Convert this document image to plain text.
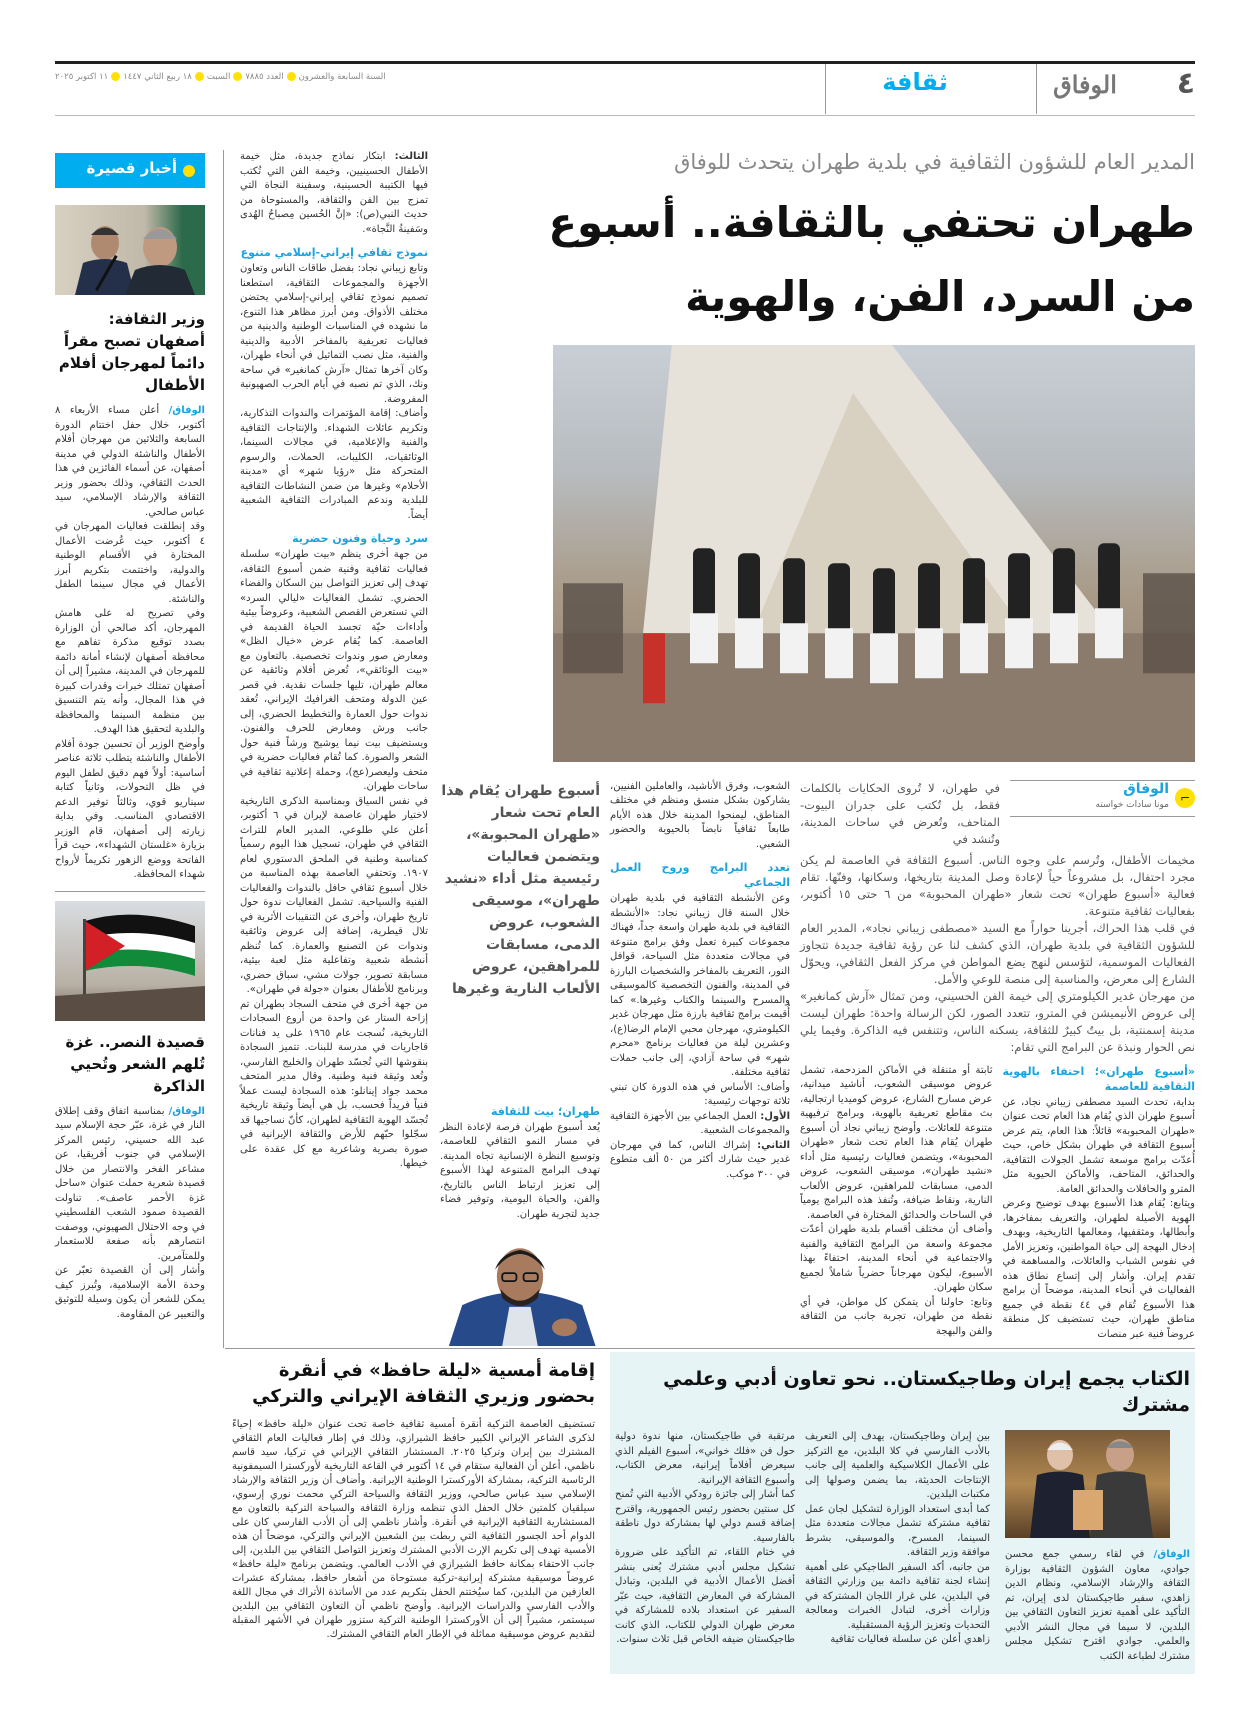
٤
الوفاق
ثقافة
السنة السابعة والعشرونالعدد ٧٨٨٥السبت١٨ ربيع الثاني ١٤٤٧١١ اكتوبر ٢٠٢٥
المدير العام للشؤون الثقافية في بلدية طهران يتحدث للوفاق
طهران تحتفي بالثقافة.. أسبوع
من السرد، الفن، والهوية
⌐
الوفاق
مونا سادات خواسته
في طهران، لا تُروى الحكايات بالكلمات فقط، بل تُكتب على جدران البيوت-المتاحف، وتُعرض في ساحات المدينة، وتُنشد في

مخيمات الأطفال، وتُرسم على وجوه الناس. أسبوع الثقافة في العاصمة لم يكن مجرد احتفال، بل مشروعاً حياً لإعادة وصل المدينة بتاريخها، وسكانها، وفنّها. تقام فعالية «أسبوع طهران» تحت شعار «طهران المحبوبة» من ٦ حتى ١٥ أكتوبر، بفعاليات ثقافية متنوعة.

في قلب هذا الحراك، أجرينا حواراً مع السيد «مصطفى زيباني نجاد»، المدير العام للشؤون الثقافية في بلدية طهران، الذي كشف لنا عن رؤية ثقافية جديدة تتجاوز الفعاليات الموسمية، لتؤسس لنهج يضع المواطن في مركز الفعل الثقافي، ويحوّل الشارع إلى معرض، والمناسبة إلى منصة للوعي والأمل.

من مهرجان غدير الكيلومتري إلى خيمة الفن الحسيني، ومن تمثال «آرش كمانغير» إلى عروض الأنيميشن في المترو، تتعدد الصور، لكن الرسالة واحدة: طهران ليست مدينة إسمنتية، بل بيتٌ كبيرٌ للثقافة، يسكنه الناس، وتتنفس فيه الذاكرة. وفيما يلي نص الحوار ونبذة عن البرامج التي تقام:

«أسبوع طهران»؛ احتفاء بالهوية الثقافية للعاصمة

بداية، تحدث السيد مصطفى زيباني نجاد، عن أسبوع طهران الذي يُقام هذا العام تحت عنوان «طهران المحبوبة» قائلاً: هذا العام، يتم عرض أسبوع الثقافة في طهران بشكل خاص، حيث أُعدّت برامج موسعة تشمل الجولات الثقافية، والحدائق، المتاحف، والأماكن الحيوية مثل المترو والحافلات والحدائق العامة.

ويتابع: يُقام هذا الأسبوع بهدف توضيح وعرض الهوية الأصيلة لطهران، والتعريف بمفاخرها، وأبطالها، ومثقفيها، ومعالمها التاريخية، وبهدف إدخال البهجة إلى حياة المواطنين، وتعزيز الأمل في نفوس الشباب والعائلات، والمساهمة في تقدم إيران. وأشار إلى إتساع نطاق هذه الفعاليات في أنحاء المدينة، موضحاً أن برامج هذا الأسبوع تُقام في ٤٤ نقطة في جميع مناطق طهران، حيث تستضيف كل منطقة عروضاً فنية عبر منصات

ثابتة أو متنقلة في الأماكن المزدحمة، تشمل عروض موسيقى الشعوب، أناشيد ميدانية، عرض مسارح الشارع، عروض كوميديا ارتجالية، بث مقاطع تعريفية بالهوية، وبرامج ترفيهية متنوعة للعائلات. وأوضح زيباني نجاد أن أسبوع طهران يُقام هذا العام تحت شعار «طهران المحبوبة»، ويتضمن فعاليات رئيسية مثل أداء «نشيد طهران»، موسيقى الشعوب، عروض الدمى، مسابقات للمراهقين، عروض الألعاب النارية، ونقاط ضيافة، وتُنفذ هذه البرامج يومياً في الساحات والحدائق المختارة في العاصمة.

وأضاف أن مختلف أقسام بلدية طهران أعدّت مجموعة واسعة من البرامج الثقافية والفنية والاجتماعية في أنحاء المدينة، احتفاءً بهذا الأسبوع، ليكون مهرجاناً حضرياً شاملاً لجميع سكان طهران.

وتابع: حاولنا أن يتمكن كل مواطن، في أي نقطة من طهران، تجربة جانب من الثقافة والفن والبهجة

الشعوب، وفرق الأناشيد، والعاملين الفنيين، يشاركون بشكل منسق ومنظم في مختلف المناطق، ليمنحوا المدينة خلال هذه الأيام طابعاً ثقافياً نابضاً بالحيوية والحضور الشعبي.

تعدد البرامج وروح العمل الجماعي

وعن الأنشطة الثقافية في بلدية طهران خلال السنة قال زيباني نجاد: «الأنشطة الثقافية في بلدية طهران واسعة جداً، فهناك مجموعات كبيرة تعمل وفق برامج متنوعة في مجالات متعددة مثل السياحة، قوافل النور، التعريف بالمفاخر والشخصيات البارزة في المدينة، والفنون التخصصية كالموسيقى والمسرح والسينما والكتاب وغيرها.» كما أُقيمت برامج ثقافية بارزة مثل مهرجان غدير الكيلومتري، مهرجان محبي الإمام الرضا(ع)، وعشرين ليلة من فعاليات برنامج «محرم شهر» في ساحة آزادي، إلى جانب حملات ثقافية مختلفة.

وأضاف: الأساس في هذه الدورة كان تبني ثلاثة توجهات رئيسية:

الأول: العمل الجماعي بين الأجهزة الثقافية والمجموعات الشعبية.

الثاني: إشراك الناس، كما في مهرجان غدير حيث شارك أكثر من ٥٠ ألف متطوع في ٣٠٠ موكب.

أسبوع طهران يُقام هذا العام تحت شعار «طهران المحبوبة»، ويتضمن فعاليات رئيسية مثل أداء «نشيد طهران»، موسيقى الشعوب، عروض الدمى، مسابقات للمراهقين، عروض الألعاب النارية وغيرها

الثالث: ابتكار نماذج جديدة، مثل خيمة الأطفال الحسينيين، وخيمة الفن التي تُكتب فيها الكتيبة الحسينية، وسفينة النجاة التي تمزج بين الفن والثقافة، والمستوحاة من حديث النبي(ص): «إنَّ الحُسين مِصباحُ الهُدى وسَفينةُ النَّجاة».

نموذج ثقافي إيراني-إسلامي متنوع

وتابع زيباني نجاد: بفضل طاقات الناس وتعاون الأجهزة والمجموعات الثقافية، استطعنا تصميم نموذج ثقافي إيراني-إسلامي يحتضن مختلف الأذواق. ومن أبرز مظاهر هذا التنوع، ما نشهده في المناسبات الوطنية والدينية من فعاليات تعريفية بالمفاخر الأدبية والدينية والفنية، مثل نصب التماثيل في أنحاء طهران، وكان آخرها تمثال «آرش كمانغير» في ساحة ونك، الذي تم نصبه في أيام الحرب الصهيونية المفروضة.

وأضاف: إقامة المؤتمرات والندوات التذكارية، وتكريم عائلات الشهداء. والإنتاجات الثقافية والفنية والإعلامية، في مجالات السينما، الوثائقيات، الكليبات، الحملات، والرسوم المتحركة مثل «رؤيا شهر» أي «مدينة الأحلام» وغيرها من ضمن النشاطات الثقافية للبلدية وندعم المبادرات الثقافية الشعبية أيضاً.

سرد وحياة وفنون حضرية

من جهة أخرى ينظم «بيت طهران» سلسلة فعاليات ثقافية وفنية ضمن أسبوع الثقافة، تهدف إلى تعزيز التواصل بين السكان والفضاء الحضري. تشمل الفعاليات «ليالي السرد» التي تستعرض القصص الشعبية، وعروضاً بيئية وأداءات حيّة تجسد الحياة القديمة في العاصمة. كما يُقام عرض «خيال الظل» ومعارض صور وندوات تخصصية. بالتعاون مع «بيت الوثائقي»، تُعرض أفلام وثائقية عن معالم طهران، تليها جلسات نقدية. في قصر عين الدولة ومتحف الغرافيك الإيراني، تُعقد ندوات حول العمارة والتخطيط الحضري، إلى جانب ورش ومعارض للحرف والفنون. ويستضيف بيت نيما يوشيج ورشاً فنية حول الشعر والصورة. كما تُقام فعاليات حضرية في متحف وليعصر(عج)، وحملة إعلانية ثقافية في ساحات طهران.

في نفس السياق وبمناسبة الذكرى التاريخية لاختيار طهران عاصمة لإيران في ٦ أكتوبر، أعلن علي طلوعي، المدير العام للتراث الثقافي في طهران، تسجيل هذا اليوم رسمياً كمناسبة وطنية في الملحق الدستوري لعام ١٩٠٧. وتحتفي العاصمة بهذه المناسبة من خلال أسبوع ثقافي حافل بالندوات والفعاليات الفنية والسياحية. تشمل الفعاليات ندوة حول تاريخ طهران، وأخرى عن التنقيبات الأثرية في تلال قيطرية، إضافة إلى عروض وثائقية وندوات عن التصنيع والعمارة. كما تُنظم أنشطة شعبية وتفاعلية مثل لعبة بيئية، مسابقة تصوير، جولات مشي، سباق حضري، وبرنامج للأطفال بعنوان «جولة في طهران».

من جهة أخرى في متحف السجاد بطهران تم إزاحة الستار عن واحدة من أروع السجادات التاريخية، نُسجت عام ١٩٦٥ على يد فنانات قاجاريات في مدرسة للبنات. تتميز السجادة بنقوشها التي تُجسّد طهران والخليج الفارسي، وتُعد وثيقة فنية وطنية. وقال مدير المتحف محمد جواد إينانلو: هذه السجادة ليست عملاً فنياً فريداً فحسب، بل هي أيضاً وثيقة تاريخية تُجسّد الهوية الثقافية لطهران، كأنّ نساجيها قد سجّلوا حبّهم للأرض والثقافة الإيرانية في صورة بصرية وشاعرية مع كل عقدة على خيطها.

طهران؛ بيت للثقافة

يُعد أسبوع طهران فرصة لإعادة النظر في مسار النمو الثقافي للعاصمة، وتوسيع النظرة الإنسانية تجاه المدينة. تهدف البرامج المتنوعة لهذا الأسبوع إلى تعزيز ارتباط الناس بالتاريخ، والفن، والحياة اليومية، وتوفير فضاء جديد لتجربة طهران.

أخبار قصيرة
وزير الثقافة: أصفهان تصبح مقراً دائماً لمهرجان أفلام الأطفال

الوفاق/ أعلن مساء الأربعاء ٨ أكتوبر، خلال حفل اختتام الدورة السابعة والثلاثين من مهرجان أفلام الأطفال والناشئة الدولي في مدينة أصفهان، عن أسماء الفائزين في هذا الحدث الثقافي، وذلك بحضور وزير الثقافة والإرشاد الإسلامي، سيد عباس صالحي.

وقد إنطلقت فعاليات المهرجان في ٤ أكتوبر، حيث عُرضت الأعمال المختارة في الأقسام الوطنية والدولية، واختتمت بتكريم أبرز الأعمال في مجال سينما الطفل والناشئة.

وفي تصريح له على هامش المهرجان، أكد صالحي أن الوزارة بصدد توقيع مذكرة تفاهم مع محافظة أصفهان لإنشاء أمانة دائمة للمهرجان في المدينة، مشيراً إلى أن أصفهان تمتلك خبرات وقدرات كبيرة في هذا المجال، وأنه يتم التنسيق بين منظمة السينما والمحافظة والبلدية لتحقيق هذا الهدف.

وأوضح الوزير أن تحسين جودة أفلام الأطفال والناشئة يتطلب ثلاثة عناصر أساسية: أولاً فهم دقيق لطفل اليوم في ظل التحولات، وثانياً كتابة سيناريو قوي، وثالثاً توفير الدعم الاقتصادي المناسب. وفي بداية زيارته إلى أصفهان، قام الوزير بزيارة «غلستان الشهداء»، حيث قرأ الفاتحة ووضع الزهور تكريماً لأرواح شهداء المحافظة.

قصيدة النصر.. غزة تُلهم الشعر وتُحيي الذاكرة

الوفاق/ بمناسبة اتفاق وقف إطلاق النار في غزة، عبّر حجة الإسلام سيد عبد الله حسيني، رئيس المركز الإسلامي في جنوب أفريقيا، عن مشاعر الفخر والانتصار من خلال قصيدة شعرية حملت عنوان «ساحل غزة الأحمر عاصف». تناولت القصيدة صمود الشعب الفلسطيني في وجه الاحتلال الصهيوني، ووصفت انتصارهم بأنه صفعة للاستعمار وللمتآمرين.

وأشار إلى أن القصيدة تعبّر عن وحدة الأمة الإسلامية، وتُبرز كيف يمكن للشعر أن يكون وسيلة للتوثيق والتعبير عن المقاومة.

الكتاب يجمع إيران وطاجيكستان.. نحو تعاون أدبي وعلمي مشترك

الوفاق/ في لقاء رسمي جمع محسن جوادي، معاون الشؤون الثقافية بوزارة الثقافة والإرشاد الإسلامي، ونظام الدين زاهدي، سفير طاجيكستان لدى إيران، تم التأكيد على أهمية تعزيز التعاون الثقافي بين البلدين، لا سيما في مجال النشر الأدبي والعلمي. جوادي اقترح تشكيل مجلس مشترك لطباعة الكتب

بين إيران وطاجيكستان، يهدف إلى التعريف بالأدب الفارسي في كلا البلدين، مع التركيز على الأعمال الكلاسيكية والعلمية إلى جانب الإنتاجات الحديثة، بما يضمن وصولها إلى مكتبات البلدين.

كما أبدى استعداد الوزارة لتشكيل لجان عمل ثقافية مشتركة تشمل مجالات متعددة مثل السينما، المسرح، والموسيقى، بشرط موافقة وزير الثقافة.

من جانبه، أكد السفير الطاجيكي على أهمية إنشاء لجنة ثقافية دائمة بين وزارتي الثقافة في البلدين، على غرار اللجان المشتركة في وزارات أخرى، لتبادل الخبرات ومعالجة التحديات وتعزيز الرؤية المستقبلية.

زاهدي أعلن عن سلسلة فعاليات ثقافية

مرتقبة في طاجيكستان، منها ندوة دولية حول فن «فلك خواني»، أسبوع الفيلم الذي سيعرض أفلاماً إيرانية، معرض الكتاب، وأسبوع الثقافة الإيرانية.

كما أشار إلى جائزة رودكي الأدبية التي تُمنح كل سنتين بحضور رئيس الجمهورية، واقترح إضافة قسم دولي لها بمشاركة دول ناطقة بالفارسية.

في ختام اللقاء، تم التأكيد على ضرورة تشكيل مجلس أدبي مشترك يُعنى بنشر أفضل الأعمال الأدبية في البلدين، وتبادل المشاركة في المعارض الثقافية، حيث عبّر السفير عن استعداد بلاده للمشاركة في معرض طهران الدولي للكتاب، الذي كانت طاجيكستان ضيفه الخاص قبل ثلاث سنوات.

إقامة أمسية «ليلة حافظ» في أنقرة
بحضور وزيري الثقافة الإيراني والتركي
تستضيف العاصمة التركية أنقرة أمسية ثقافية خاصة تحت عنوان «ليلة حافظ» إحياءً لذكرى الشاعر الإيراني الكبير حافظ الشيرازي، وذلك في إطار فعاليات العام الثقافي المشترك بين إيران وتركيا ٢٠٢٥. المستشار الثقافي الإيراني في تركيا، سيد قاسم ناظمي، أعلن أن الفعالية ستقام في ١٤ أكتوبر في القاعة التاريخية لأوركسترا السيمفونية الرئاسية التركية، بمشاركة الأوركسترا الوطنية الإيرانية. وأضاف أن وزير الثقافة والإرشاد الإسلامي سيد عباس صالحي، ووزير الثقافة والسياحة التركي محمت نوري إرسوي، سيلقيان كلمتين خلال الحفل الذي تنظمه وزارة الثقافة والسياحة التركية بالتعاون مع المستشارية الثقافية الإيرانية في أنقرة. وأشار ناظمي إلى أن الأدب الفارسي كان على الدوام أحد الجسور الثقافية التي ربطت بين الشعبين الإيراني والتركي، موضحاً أن هذه الأمسية تهدف إلى تكريم الإرث الأدبي المشترك وتعزيز التواصل الثقافي بين البلدين، إلى جانب الاحتفاء بمكانة حافظ الشيرازي في الأدب العالمي. ويتضمن برنامج «ليلة حافظ» عروضاً موسيقية مشتركة إيرانية-تركية مستوحاة من أشعار حافظ، بمشاركة عشرات العازفين من البلدين، كما سيُختتم الحفل بتكريم عدد من الأساتذة الأتراك في مجال اللغة والأدب الفارسي والدراسات الإيرانية. وأوضح ناظمي أن التعاون الثقافي بين البلدين سيستمر، مشيراً إلى أن الأوركسترا الوطنية التركية ستزور طهران في الأشهر المقبلة لتقديم عروض موسيقية مماثلة في الإطار العام الثقافي المشترك.
